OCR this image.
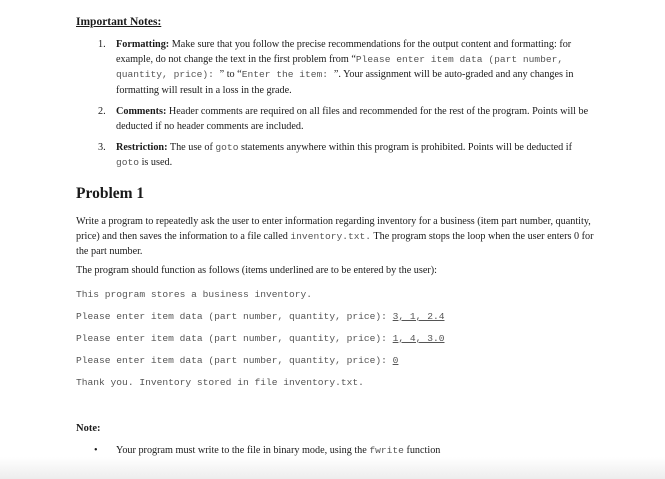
Important Notes:
1. Formatting: Make sure that you follow the precise recommendations for the output content and formatting: for example, do not change the text in the first problem from “Please enter item data (part number, quantity, price): ” to “Enter the item: ”. Your assignment will be auto-graded and any changes in formatting will result in a loss in the grade.
2. Comments: Header comments are required on all files and recommended for the rest of the program. Points will be deducted if no header comments are included.
3. Restriction: The use of goto statements anywhere within this program is prohibited. Points will be deducted if goto is used.
Problem 1
Write a program to repeatedly ask the user to enter information regarding inventory for a business (item part number, quantity, price) and then saves the information to a file called inventory.txt. The program stops the loop when the user enters 0 for the part number.
The program should function as follows (items underlined are to be entered by the user):
This program stores a business inventory.
Please enter item data (part number, quantity, price): 3, 1, 2.4
Please enter item data (part number, quantity, price): 1, 4, 3.0
Please enter item data (part number, quantity, price): 0
Thank you. Inventory stored in file inventory.txt.
Note:
• Your program must write to the file in binary mode, using the fwrite function
